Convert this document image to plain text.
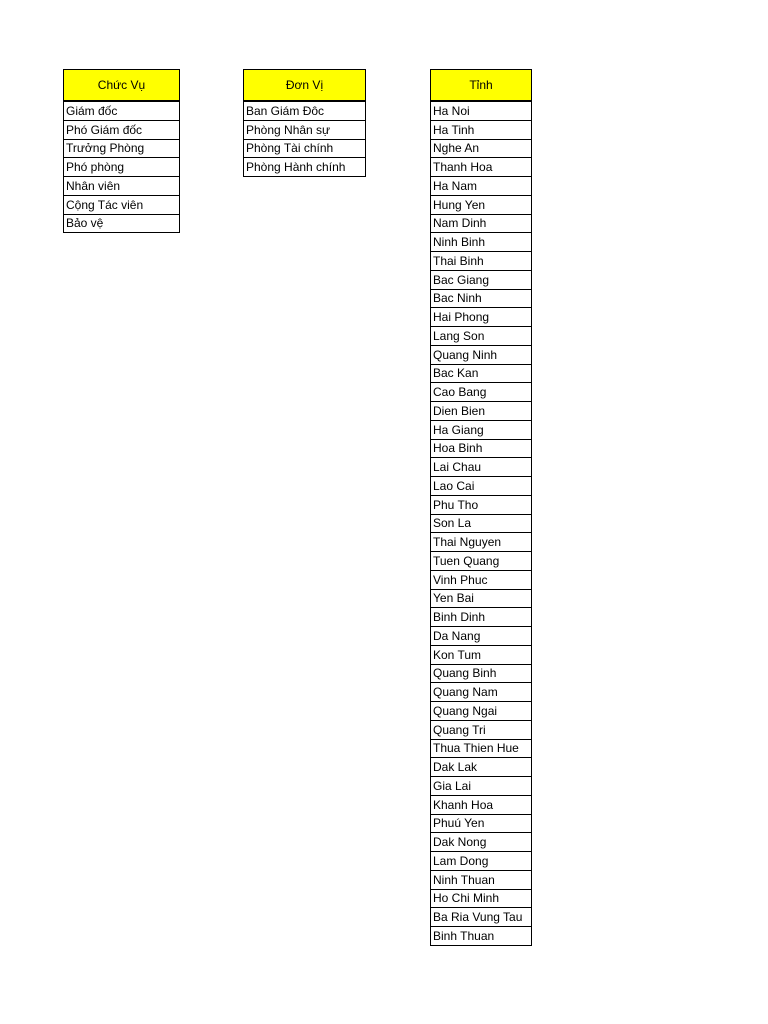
Chức Vụ
Giám đốc
Phó Giám đốc
Trưởng Phòng
Phó phòng
Nhân viên
Cộng Tác viên
Bảo vệ
Đơn Vị
Ban Giám Đôc
Phòng Nhân sự
Phòng Tài chính
Phòng Hành chính
Tỉnh
Ha Noi
Ha Tinh
Nghe An
Thanh Hoa
Ha Nam
Hung Yen
Nam Dinh
Ninh Binh
Thai Binh
Bac Giang
Bac Ninh
Hai Phong
Lang Son
Quang Ninh
Bac Kan
Cao Bang
Dien Bien
Ha Giang
Hoa Binh
Lai Chau
Lao Cai
Phu Tho
Son La
Thai Nguyen
Tuen Quang
Vinh Phuc
Yen Bai
Binh Dinh
Da Nang
Kon Tum
Quang Binh
Quang Nam
Quang Ngai
Quang Tri
Thua Thien Hue
Dak Lak
Gia Lai
Khanh Hoa
Phuú Yen
Dak Nong
Lam Dong
Ninh Thuan
Ho Chi Minh
Ba Ria Vung Tau
Binh Thuan
